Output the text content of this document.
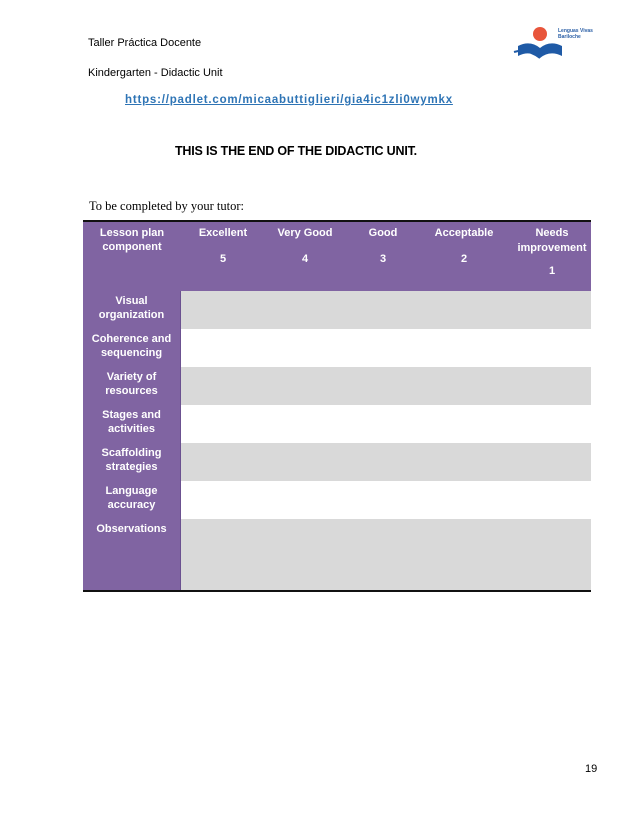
Taller Práctica Docente
Kindergarten - Didactic Unit
Lenguas Vivas
Bariloche
https://padlet.com/micaabuttiglieri/gia4ic1zli0wymkx
THIS IS THE END OF THE DIDACTIC UNIT.
To be completed by your tutor:
Lesson plan component
Excellent
5
Very Good
4
Good
3
Acceptable
2
Needs improvement
1
Visual organization
Coherence and sequencing
Variety of resources
Stages and activities
Scaffolding strategies
Language accuracy
Observations
19
